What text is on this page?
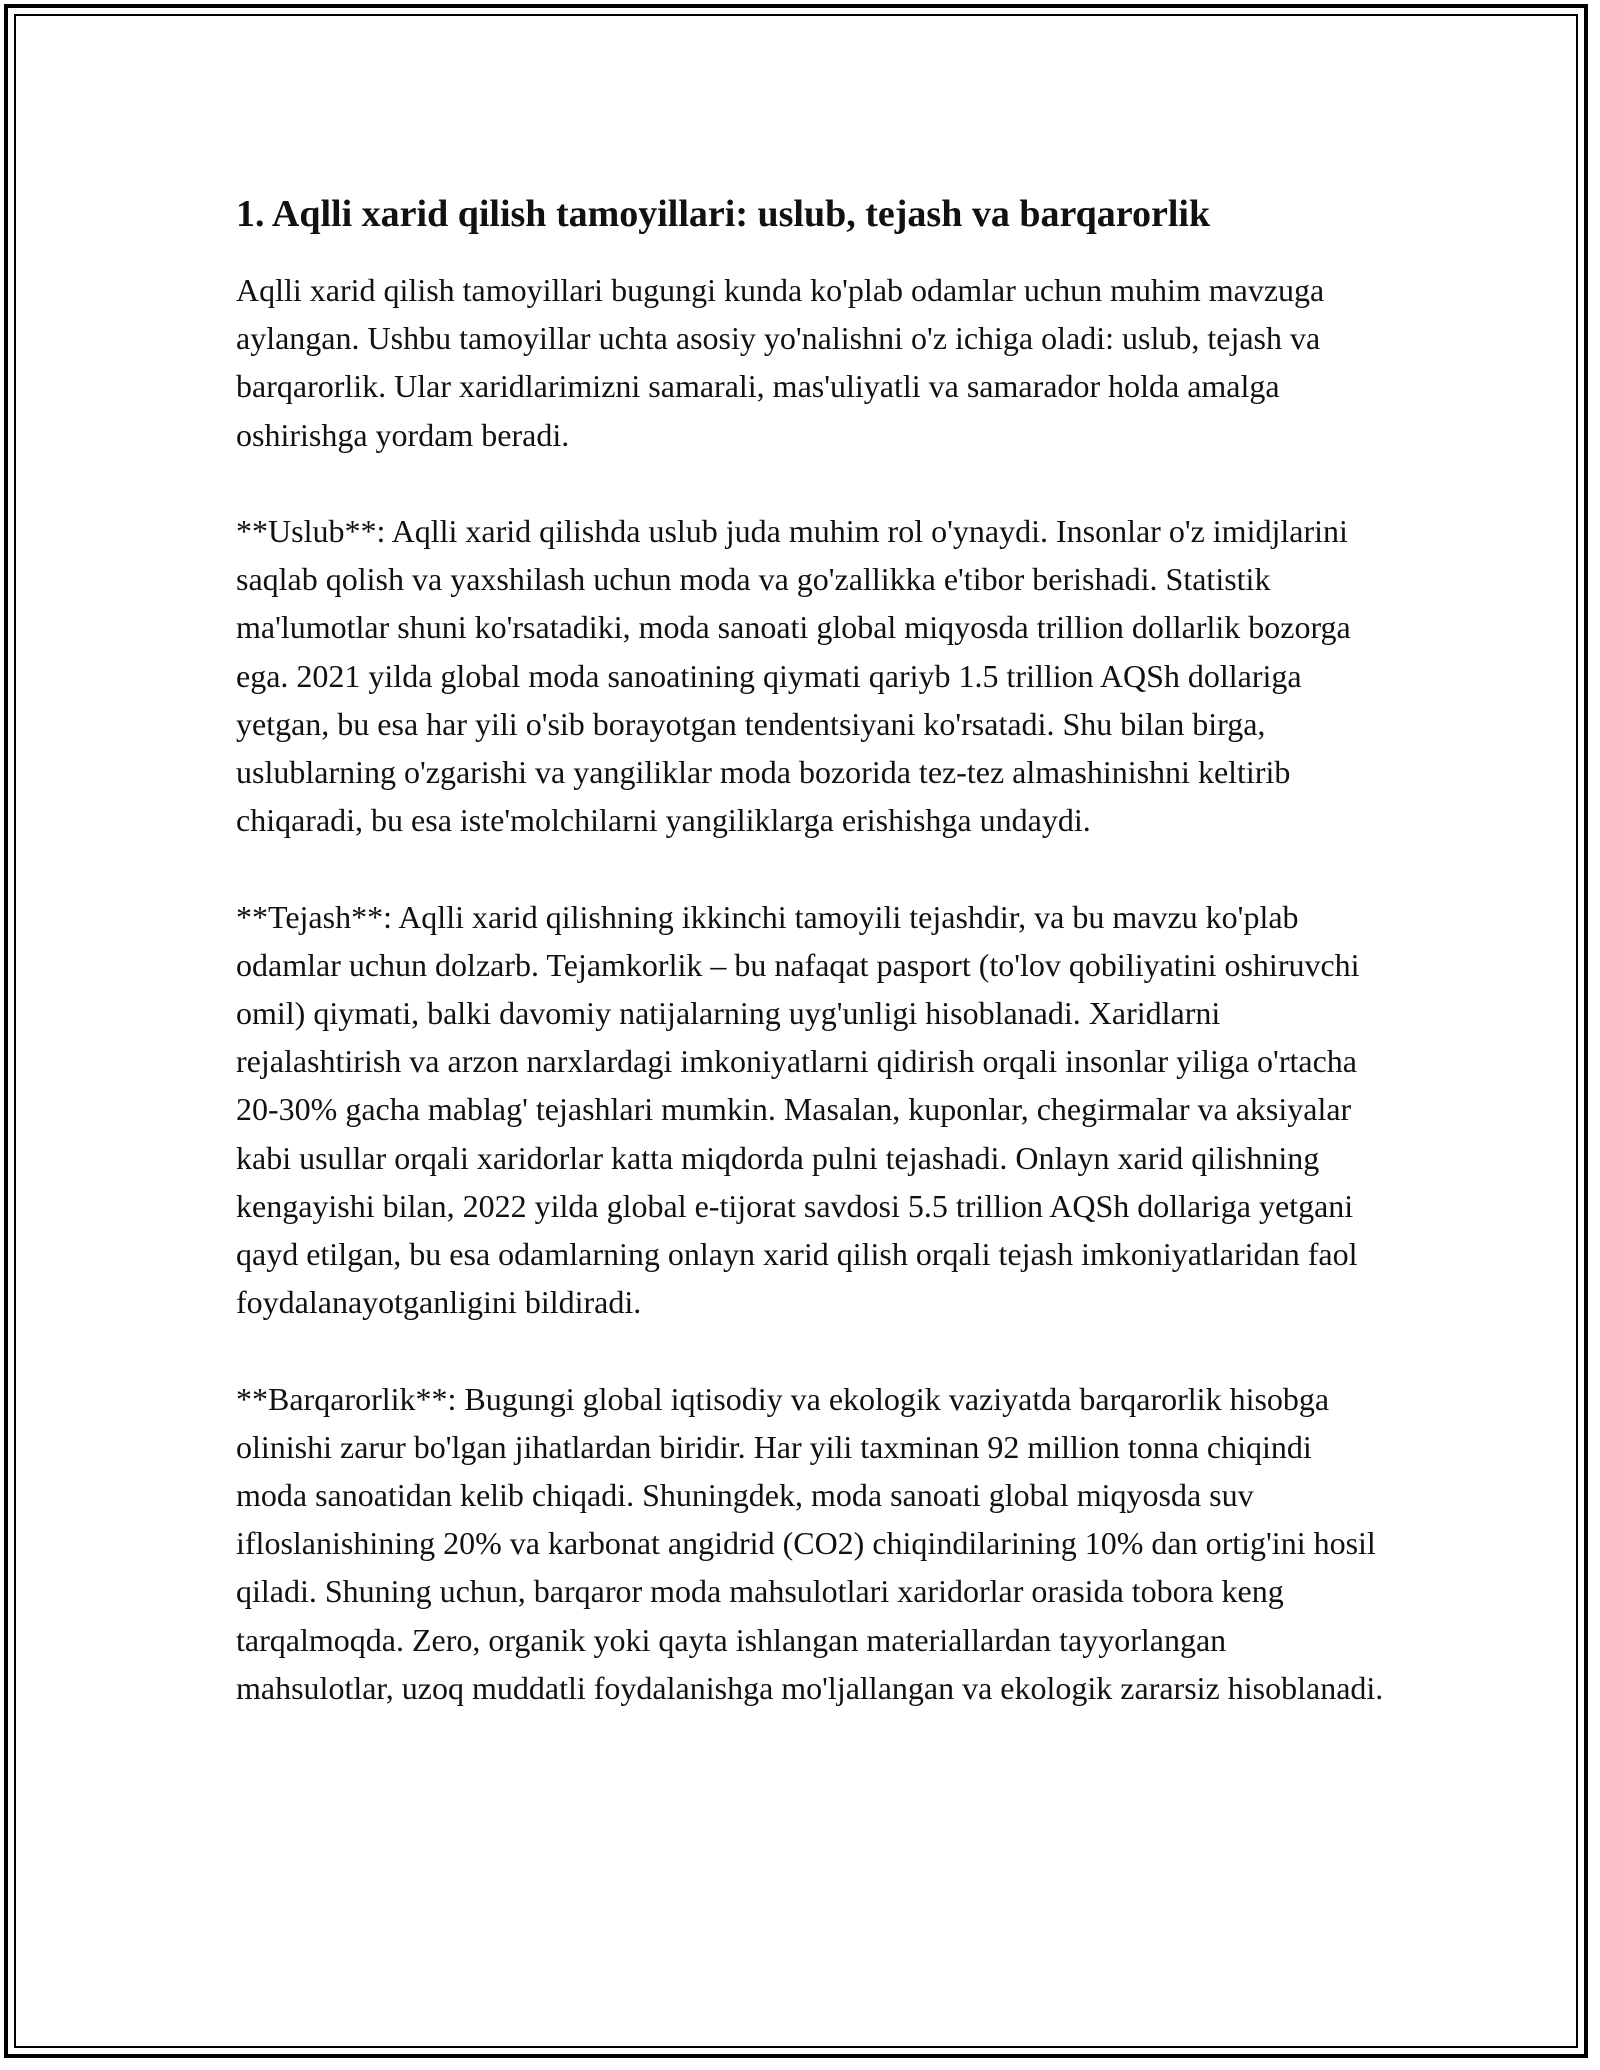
1. Aqlli xarid qilish tamoyillari: uslub, tejash va barqarorlik

Aqlli xarid qilish tamoyillari bugungi kunda ko'plab odamlar uchun muhim mavzuga aylangan. Ushbu tamoyillar uchta asosiy yo'nalishni o'z ichiga oladi: uslub, tejash va barqarorlik. Ular xaridlarimizni samarali, mas'uliyatli va samarador holda amalga oshirishga yordam beradi.

**Uslub**: Aqlli xarid qilishda uslub juda muhim rol o'ynaydi. Insonlar o'z imidjlarini saqlab qolish va yaxshilash uchun moda va go'zallikka e'tibor berishadi. Statistik ma'lumotlar shuni ko'rsatadiki, moda sanoati global miqyosda trillion dollarlik bozorga ega. 2021 yilda global moda sanoatining qiymati qariyb 1.5 trillion AQSh dollariga yetgan, bu esa har yili o'sib borayotgan tendentsiyani ko'rsatadi. Shu bilan birga, uslublarning o'zgarishi va yangiliklar moda bozorida tez-tez almashinishni keltirib chiqaradi, bu esa iste'molchilarni yangiliklarga erishishga undaydi.

**Tejash**: Aqlli xarid qilishning ikkinchi tamoyili tejashdir, va bu mavzu ko'plab odamlar uchun dolzarb. Tejamkorlik – bu nafaqat pasport (to'lov qobiliyatini oshiruvchi omil) qiymati, balki davomiy natijalarning uyg'unligi hisoblanadi. Xaridlarni rejalashtirish va arzon narxlardagi imkoniyatlarni qidirish orqali insonlar yiliga o'rtacha 20-30% gacha mablag' tejashlari mumkin. Masalan, kuponlar, chegirmalar va aksiyalar kabi usullar orqali xaridorlar katta miqdorda pulni tejashadi. Onlayn xarid qilishning kengayishi bilan, 2022 yilda global e-tijorat savdosi 5.5 trillion AQSh dollariga yetgani qayd etilgan, bu esa odamlarning onlayn xarid qilish orqali tejash imkoniyatlaridan faol foydalanayotganligini bildiradi.

**Barqarorlik**: Bugungi global iqtisodiy va ekologik vaziyatda barqarorlik hisobga olinishi zarur bo'lgan jihatlardan biridir. Har yili taxminan 92 million tonna chiqindi moda sanoatidan kelib chiqadi. Shuningdek, moda sanoati global miqyosda suv ifloslanishining 20% va karbonat angidrid (CO2) chiqindilarining 10% dan ortig'ini hosil qiladi. Shuning uchun, barqaror moda mahsulotlari xaridorlar orasida tobora keng tarqalmoqda. Zero, organik yoki qayta ishlangan materiallardan tayyorlangan mahsulotlar, uzoq muddatli foydalanishga mo'ljallangan va ekologik zararsiz hisoblanadi.
